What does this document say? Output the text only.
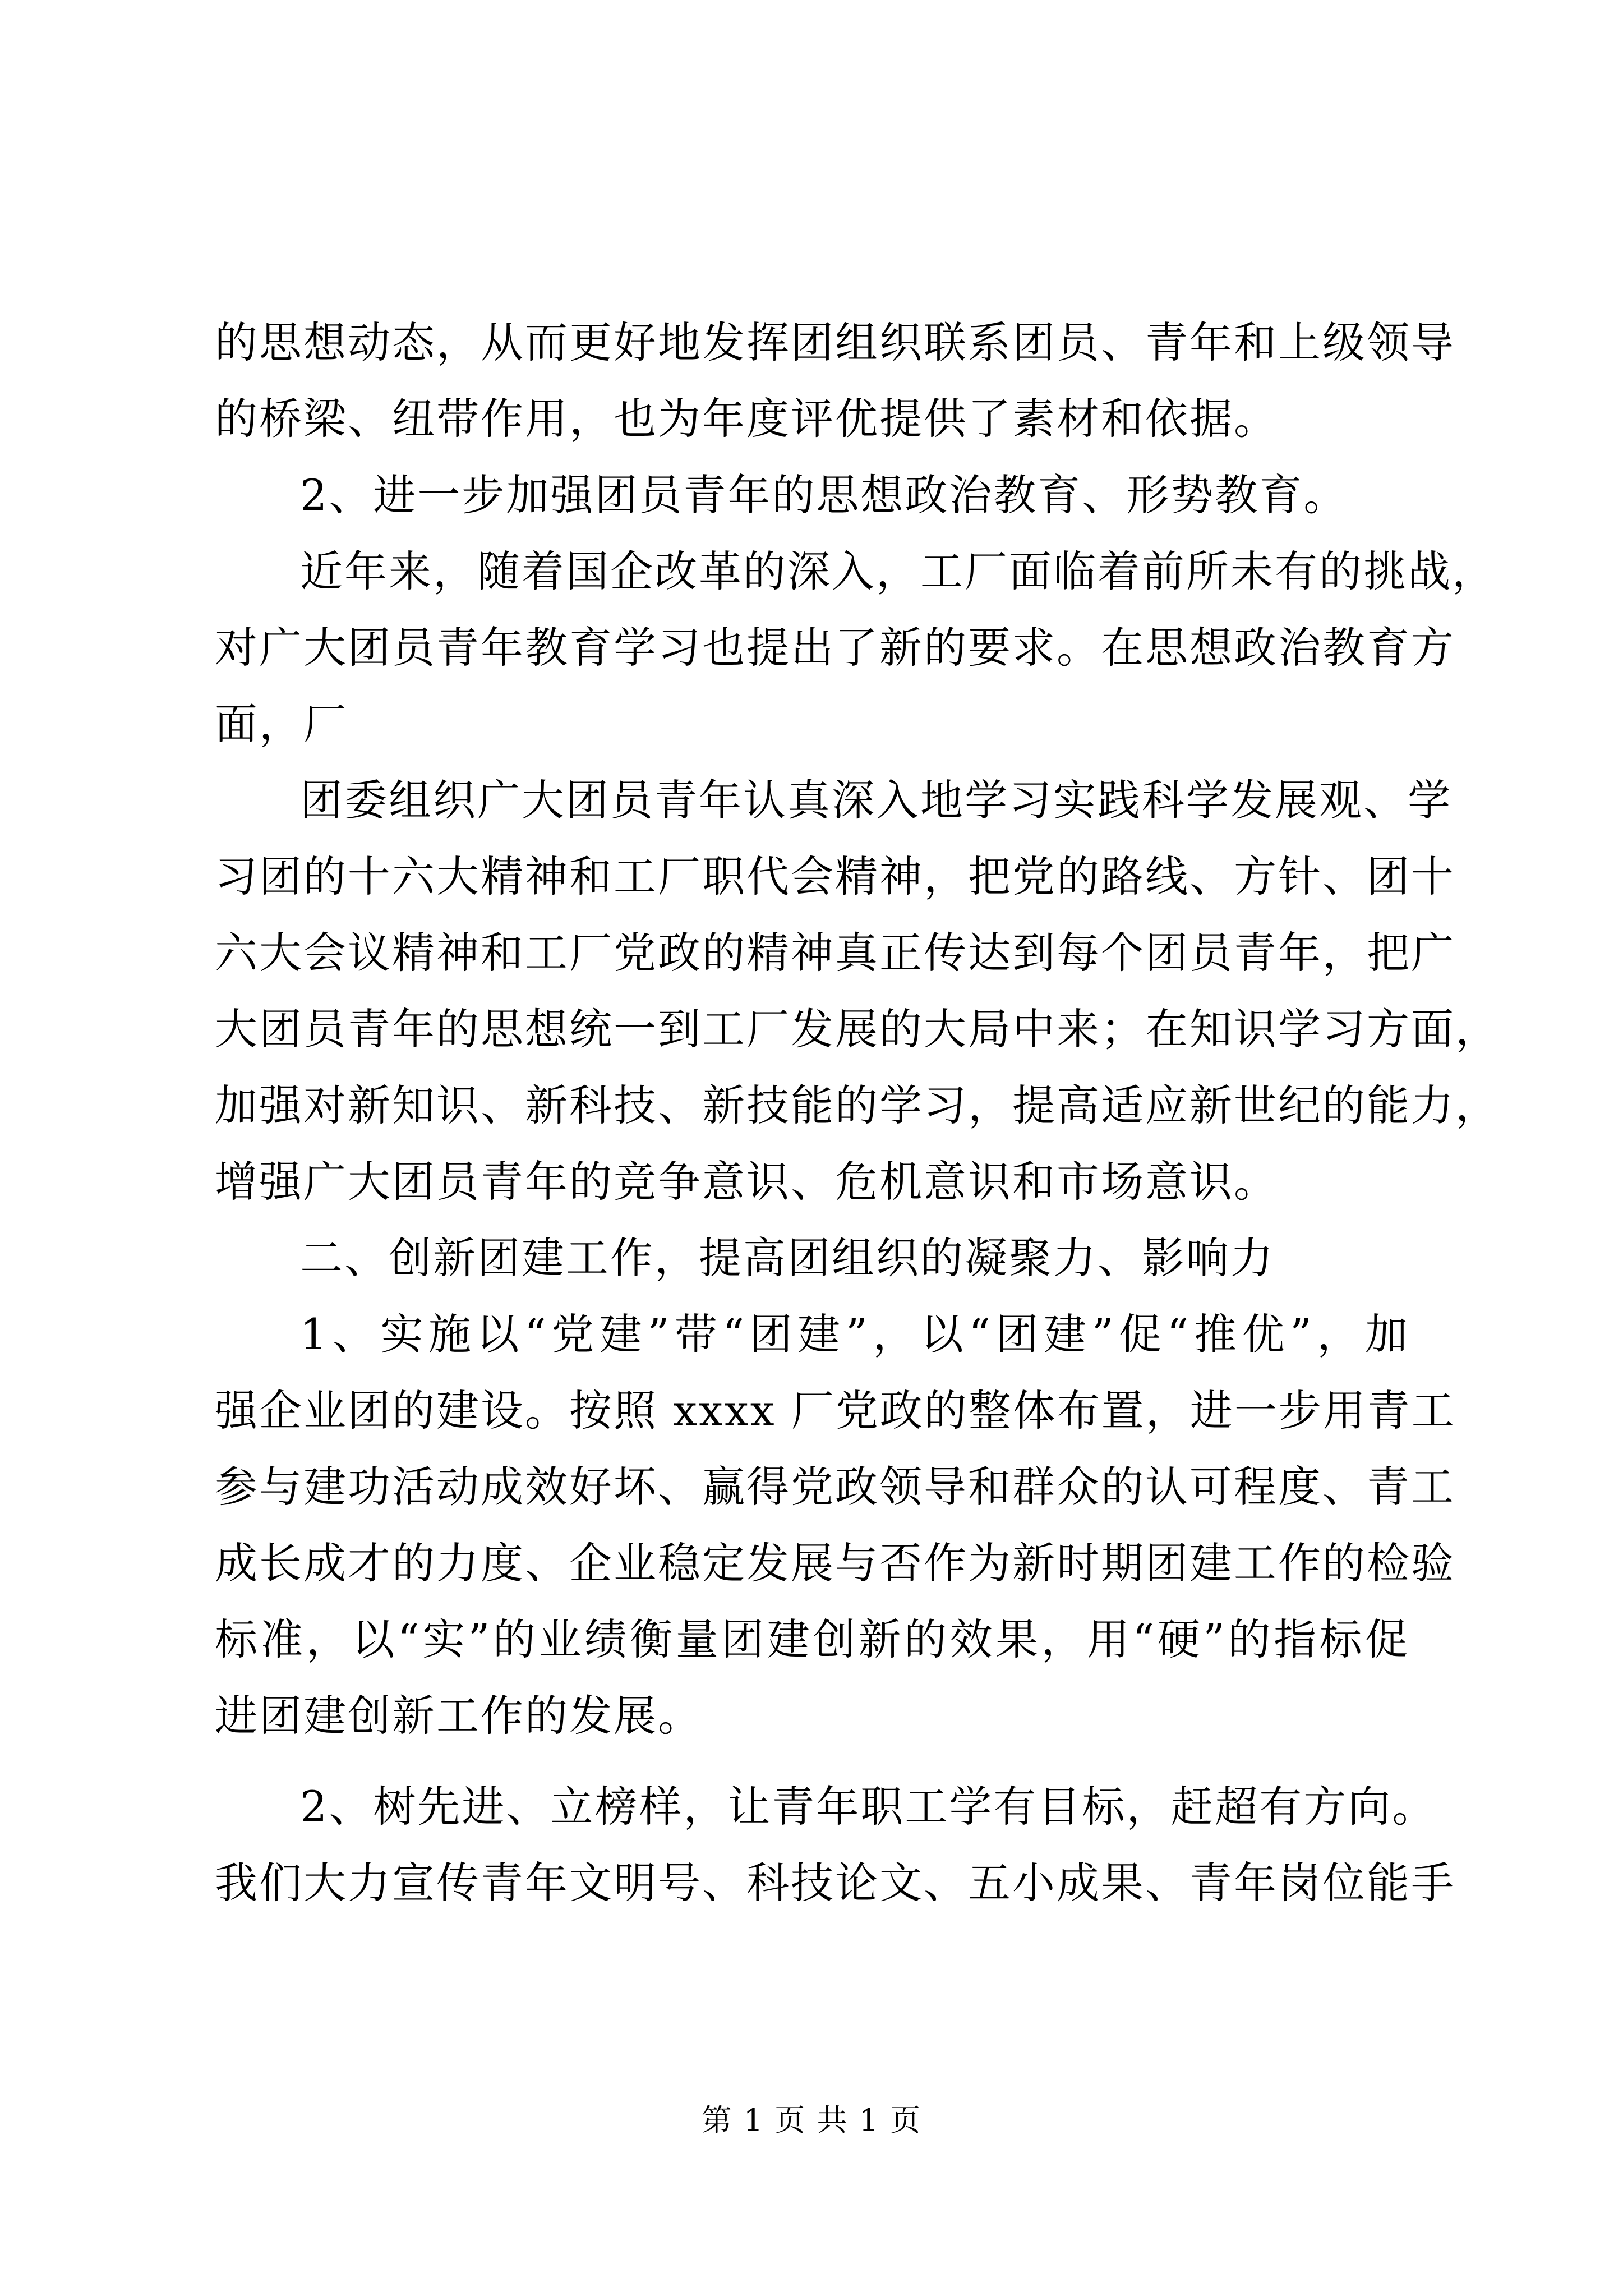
的思想动态，从而更好地发挥团组织联系团员、青年和上级领导
的桥梁、纽带作用，也为年度评优提供了素材和依据。
2、进一步加强团员青年的思想政治教育、形势教育。
近年来，随着国企改革的深入，工厂面临着前所未有的挑战，
对广大团员青年教育学习也提出了新的要求。在思想政治教育方
面，厂
团委组织广大团员青年认真深入地学习实践科学发展观、学
习团的十六大精神和工厂职代会精神，把党的路线、方针、团十
六大会议精神和工厂党政的精神真正传达到每个团员青年，把广
大团员青年的思想统一到工厂发展的大局中来；在知识学习方面，
加强对新知识、新科技、新技能的学习，提高适应新世纪的能力，
增强广大团员青年的竞争意识、危机意识和市场意识。
二、创新团建工作，提高团组织的凝聚力、影响力
1、实施以“党建”带“团建”，以“团建”促“推优”，加
强企业团的建设。按照 xxxx 厂党政的整体布置，进一步用青工
参与建功活动成效好坏、赢得党政领导和群众的认可程度、青工
成长成才的力度、企业稳定发展与否作为新时期团建工作的检验
标准，以“实”的业绩衡量团建创新的效果，用“硬”的指标促
进团建创新工作的发展。
2、树先进、立榜样，让青年职工学有目标，赶超有方向。
我们大力宣传青年文明号、科技论文、五小成果、青年岗位能手
第 1 页 共 1 页
